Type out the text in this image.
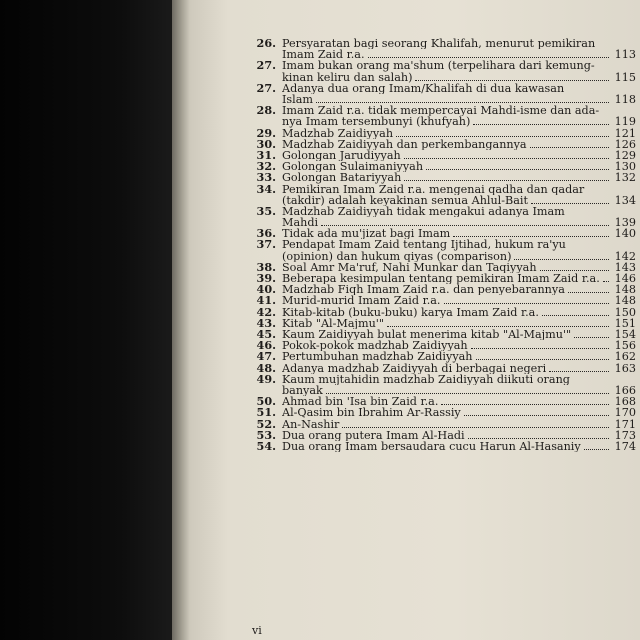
26. Persyaratan bagi seorang Khalifah, menurut pemikiran
Imam Zaid r.a.	113
27. Imam bukan orang ma'shum (terpelihara dari kemung-
kinan keliru dan salah)	115
27. Adanya dua orang Imam/Khalifah di dua kawasan
Islam	118
28. Imam Zaid r.a. tidak mempercayai Mahdi-isme dan ada-
nya Imam tersembunyi (khufyah)	119
29. Madzhab Zaidiyyah	121
30. Madzhab Zaidiyyah dan perkembangannya	126
31. Golongan Jarudiyyah	129
32. Golongan Sulaimaniyyah	130
33. Golongan Batariyyah	132
34. Pemikiran Imam Zaid r.a. mengenai qadha dan qadar
(takdir) adalah keyakinan semua Ahlul-Bait	134
35. Madzhab Zaidiyyah tidak mengakui adanya Imam
Mahdi	139
36. Tidak ada mu'jizat bagi Imam	140
37. Pendapat Imam Zaid tentang Ijtihad, hukum ra'yu
(opinion) dan hukum qiyas (comparison)	142
38. Soal Amr Ma'ruf, Nahi Munkar dan Taqiyyah	143
39. Beberapa kesimpulan tentang pemikiran Imam Zaid r.a. 146
40. Madzhab Fiqh Imam Zaid r.a. dan penyebarannya	148
41. Murid-murid Imam Zaid r.a.	148
42. Kitab-kitab (buku-buku) karya Imam Zaid r.a.	150
43. Kitab "Al-Majmu'"	151
45. Kaum Zaidiyyah bulat menerima kitab "Al-Majmu'"	154
46. Pokok-pokok madzhab Zaidiyyah	156
47. Pertumbuhan madzhab Zaidiyyah	162
48. Adanya madzhab Zaidiyyah di berbagai negeri	163
49. Kaum mujtahidin madzhab Zaidiyyah diikuti orang
banyak	166
50. Ahmad bin 'Isa bin Zaid r.a.	168
51. Al-Qasim bin Ibrahim Ar-Rassiy	170
52. An-Nashir	171
53. Dua orang putera Imam Al-Hadi	173
54. Dua orang Imam bersaudara cucu Harun Al-Hasaniy	174
vi
